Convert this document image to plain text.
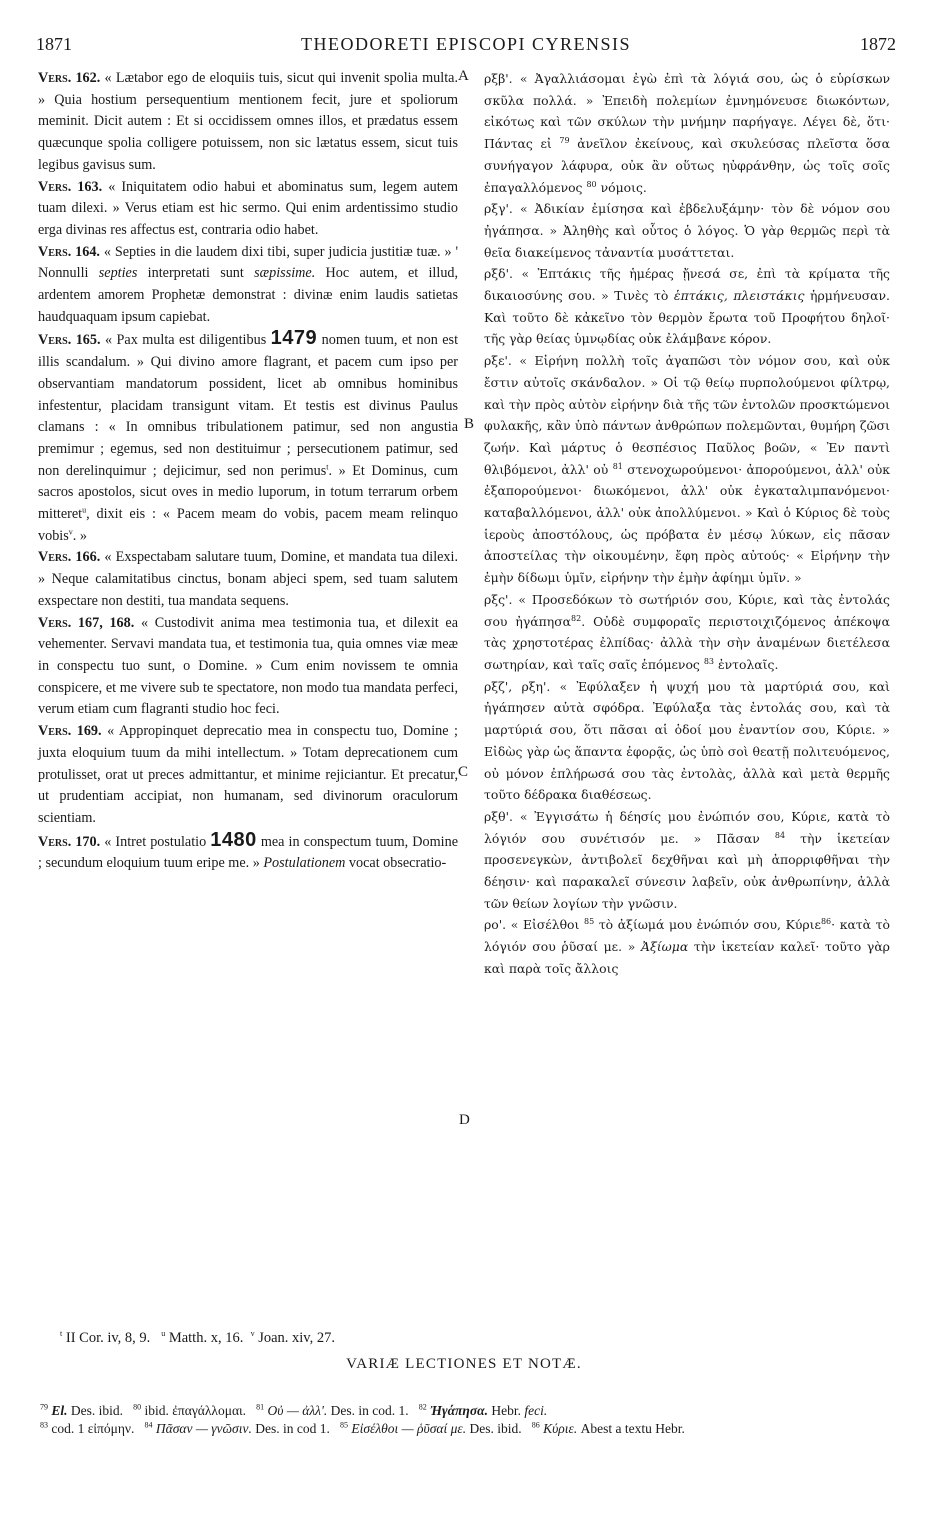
1871	THEODORETI EPISCOPI CYRENSIS	1872
A
B
C
D

Vers. 162. « Lætabor ego de eloquiis tuis, sicut qui invenit spolia multa. » Quia hostium persequentium mentionem fecit, jure et spoliorum meminit. Dicit autem : Et si occidissem omnes illos, et prædatus essem quæcunque spolia colligere potuissem, non sic lætatus essem, sicut tuis legibus gavisus sum.

Vers. 163. « Iniquitatem odio habui et abominatus sum, legem autem tuam dilexi. » Verus etiam est hic sermo. Qui enim ardentissimo studio erga divinas res affectus est, contraria odio habet.

Vers. 164. « Septies in die laudem dixi tibi, super judicia justitiæ tuæ. » ' Nonnulli septies interpretati sunt sæpissime. Hoc autem, et illud, ardentem amorem Prophetæ demonstrat : divinæ enim laudis satietas haudquaquam ipsum capiebat.

Vers. 165. « Pax multa est diligentibus 1479 nomen tuum, et non est illis scandalum. » Qui divino amore flagrant, et pacem cum ipso per observantiam mandatorum possident, licet ab omnibus hominibus infestentur, placidam transigunt vitam. Et testis est divinus Paulus clamans : « In omnibus tribulationem patimur, sed non angustia premimur ; egemus, sed non destituimur ; persecutionem patimur, sed non derelinquimur ; dejicimur, sed non perimus$^t$. » Et Dominus, cum sacros apostolos, sicut oves in medio luporum, in totum terrarum orbem mitteret$^u$, dixit eis : « Pacem meam do vobis, pacem meam relinquo vobis$^v$. »

Vers. 166. « Exspectabam salutare tuum, Domine, et mandata tua dilexi. » Neque calamitatibus cinctus, bonam abjeci spem, sed tuam salutem exspectare non destiti, tua mandata sequens.

Vers. 167, 168. « Custodivit anima mea testimonia tua, et dilexit ea vehementer. Servavi mandata tua, et testimonia tua, quia omnes viæ meæ in conspectu tuo sunt, o Domine. » Cum enim novissem te omnia conspicere, et me vivere sub te spectatore, non modo tua mandata perfeci, verum etiam cum flagranti studio hoc feci.

Vers. 169. « Appropinquet deprecatio mea in conspectu tuo, Domine ; juxta eloquium tuum da mihi intellectum. » Totam deprecationem cum protulisset, orat ut preces admittantur, et minime rejiciantur. Et precatur, ut prudentiam accipiat, non humanam, sed divinorum oraculorum scientiam.

Vers. 170. « Intret postulatio 1480 mea in conspectum tuum, Domine ; secundum eloquium tuum eripe me. » Postulationem vocat obsecratio-

ρξβ'. « Ἀγαλλιάσομαι ἐγὼ ἐπὶ τὰ λόγιά σου, ὡς ὁ εὑρίσκων σκῦλα πολλά. » Ἐπειδὴ πολεμίων ἐμνημόνευσε διωκόντων, εἰκότως καὶ τῶν σκύλων τὴν μνήμην παρήγαγε. Λέγει δὲ, ὅτι· Πάντας εἰ $^{79}$ ἀνεῖλον ἐκείνους, καὶ σκυλεύσας πλεῖστα ὅσα συνήγαγον λάφυρα, οὐκ ἂν οὕτως ηὐφράνθην, ὡς τοῖς σοῖς ἐπαγαλλόμενος $^{80}$ νόμοις.

ρξγ'. « Ἀδικίαν ἐμίσησα καὶ ἐβδελυξάμην· τὸν δὲ νόμον σου ἠγάπησα. » Ἀληθὴς καὶ οὗτος ὁ λόγος. Ὁ γὰρ θερμῶς περὶ τὰ θεῖα διακείμενος τἀναντία μυσάττεται.

ρξδ'. « Ἑπτάκις τῆς ἡμέρας ᾔνεσά σε, ἐπὶ τὰ κρίματα τῆς δικαιοσύνης σου. » Τινὲς τὸ ἑπτάκις, πλειστάκις ἡρμήνευσαν. Καὶ τοῦτο δὲ κἀκεῖνο τὸν θερμὸν ἔρωτα τοῦ Προφήτου δηλοῖ· τῆς γὰρ θείας ὑμνῳδίας οὐκ ἐλάμβανε κόρον.

ρξε'. « Εἰρήνη πολλὴ τοῖς ἀγαπῶσι τὸν νόμον σου, καὶ οὐκ ἔστιν αὐτοῖς σκάνδαλον. » Οἱ τῷ θείῳ πυρπολούμενοι φίλτρῳ, καὶ τὴν πρὸς αὐτὸν εἰρήνην διὰ τῆς τῶν ἐντολῶν προσκτώμενοι φυλακῆς, κἂν ὑπὸ πάντων ἀνθρώπων πολεμῶνται, θυμήρη ζῶσι ζωήν. Καὶ μάρτυς ὁ θεσπέσιος Παῦλος βοῶν, « Ἐν παντὶ θλιβόμενοι, ἀλλ' οὐ $^{81}$ στενοχωρούμενοι· ἀπορούμενοι, ἀλλ' οὐκ ἐξαπορούμενοι· διωκόμενοι, ἀλλ' οὐκ ἐγκαταλιμπανόμενοι· καταβαλλόμενοι, ἀλλ' οὐκ ἀπολλύμενοι. » Καὶ ὁ Κύριος δὲ τοὺς ἱεροὺς ἀποστόλους, ὡς πρόβατα ἐν μέσῳ λύκων, εἰς πᾶσαν ἀποστείλας τὴν οἰκουμένην, ἔφη πρὸς αὐτούς· « Εἰρήνην τὴν ἐμὴν δίδωμι ὑμῖν, εἰρήνην τὴν ἐμὴν ἀφίημι ὑμῖν. »

ρξς'. « Προσεδόκων τὸ σωτήριόν σου, Κύριε, καὶ τὰς ἐντολάς σου ἠγάπησα$^{82}$. Οὐδὲ συμφοραῖς περιστοιχιζόμενος ἀπέκοψα τὰς χρηστοτέρας ἐλπίδας· ἀλλὰ τὴν σὴν ἀναμένων διετέλεσα σωτηρίαν, καὶ ταῖς σαῖς ἑπόμενος $^{83}$ ἐντολαῖς.

ρξζ', ρξη'. « Ἐφύλαξεν ἡ ψυχή μου τὰ μαρτύριά σου, καὶ ἠγάπησεν αὐτὰ σφόδρα. Ἐφύλαξα τὰς ἐντολάς σου, καὶ τὰ μαρτύριά σου, ὅτι πᾶσαι αἱ ὁδοί μου ἐναντίον σου, Κύριε. » Εἰδὼς γὰρ ὡς ἅπαντα ἐφορᾷς, ὡς ὑπὸ σοὶ θεατῇ πολιτευόμενος, οὐ μόνον ἐπλήρωσά σου τὰς ἐντολὰς, ἀλλὰ καὶ μετὰ θερμῆς τοῦτο δέδρακα διαθέσεως.

ρξθ'. « Ἐγγισάτω ἡ δέησίς μου ἐνώπιόν σου, Κύριε, κατὰ τὸ λόγιόν σου συνέτισόν με. » Πᾶσαν $^{84}$ τὴν ἱκετείαν προσενεγκὼν, ἀντιβολεῖ δεχθῆναι καὶ μὴ ἀπορριφθῆναι τὴν δέησιν· καὶ παρακαλεῖ σύνεσιν λαβεῖν, οὐκ ἀνθρωπίνην, ἀλλὰ τῶν θείων λογίων τὴν γνῶσιν.

ρο'. « Εἰσέλθοι $^{85}$ τὸ ἀξίωμά μου ἐνώπιόν σου, Κύριε$^{86}$· κατὰ τὸ λόγιόν σου ῥῦσαί με. » Ἀξίωμα τὴν ἱκετείαν καλεῖ· τοῦτο γὰρ καὶ παρὰ τοῖς ἄλλοις

$^t$ II Cor. iv, 8, 9. $^u$ Matth. x, 16. $^v$ Joan. xiv, 27.
VARIÆ LECTIONES ET NOTÆ.
$^{79}$ El. Des. ibid. $^{80}$ ibid. ἐπαγάλλομαι. $^{81}$ Οὐ — ἀλλ'. Des. in cod. 1. $^{82}$ Ἠγάπησα. Hebr. feci.
$^{83}$ cod. 1 εἰπόμην. $^{84}$ Πᾶσαν — γνῶσιν. Des. in cod 1. $^{85}$ Εἰσέλθοι — ῥῦσαί με. Des. ibid. $^{86}$ Κύριε. Abest a textu Hebr.
